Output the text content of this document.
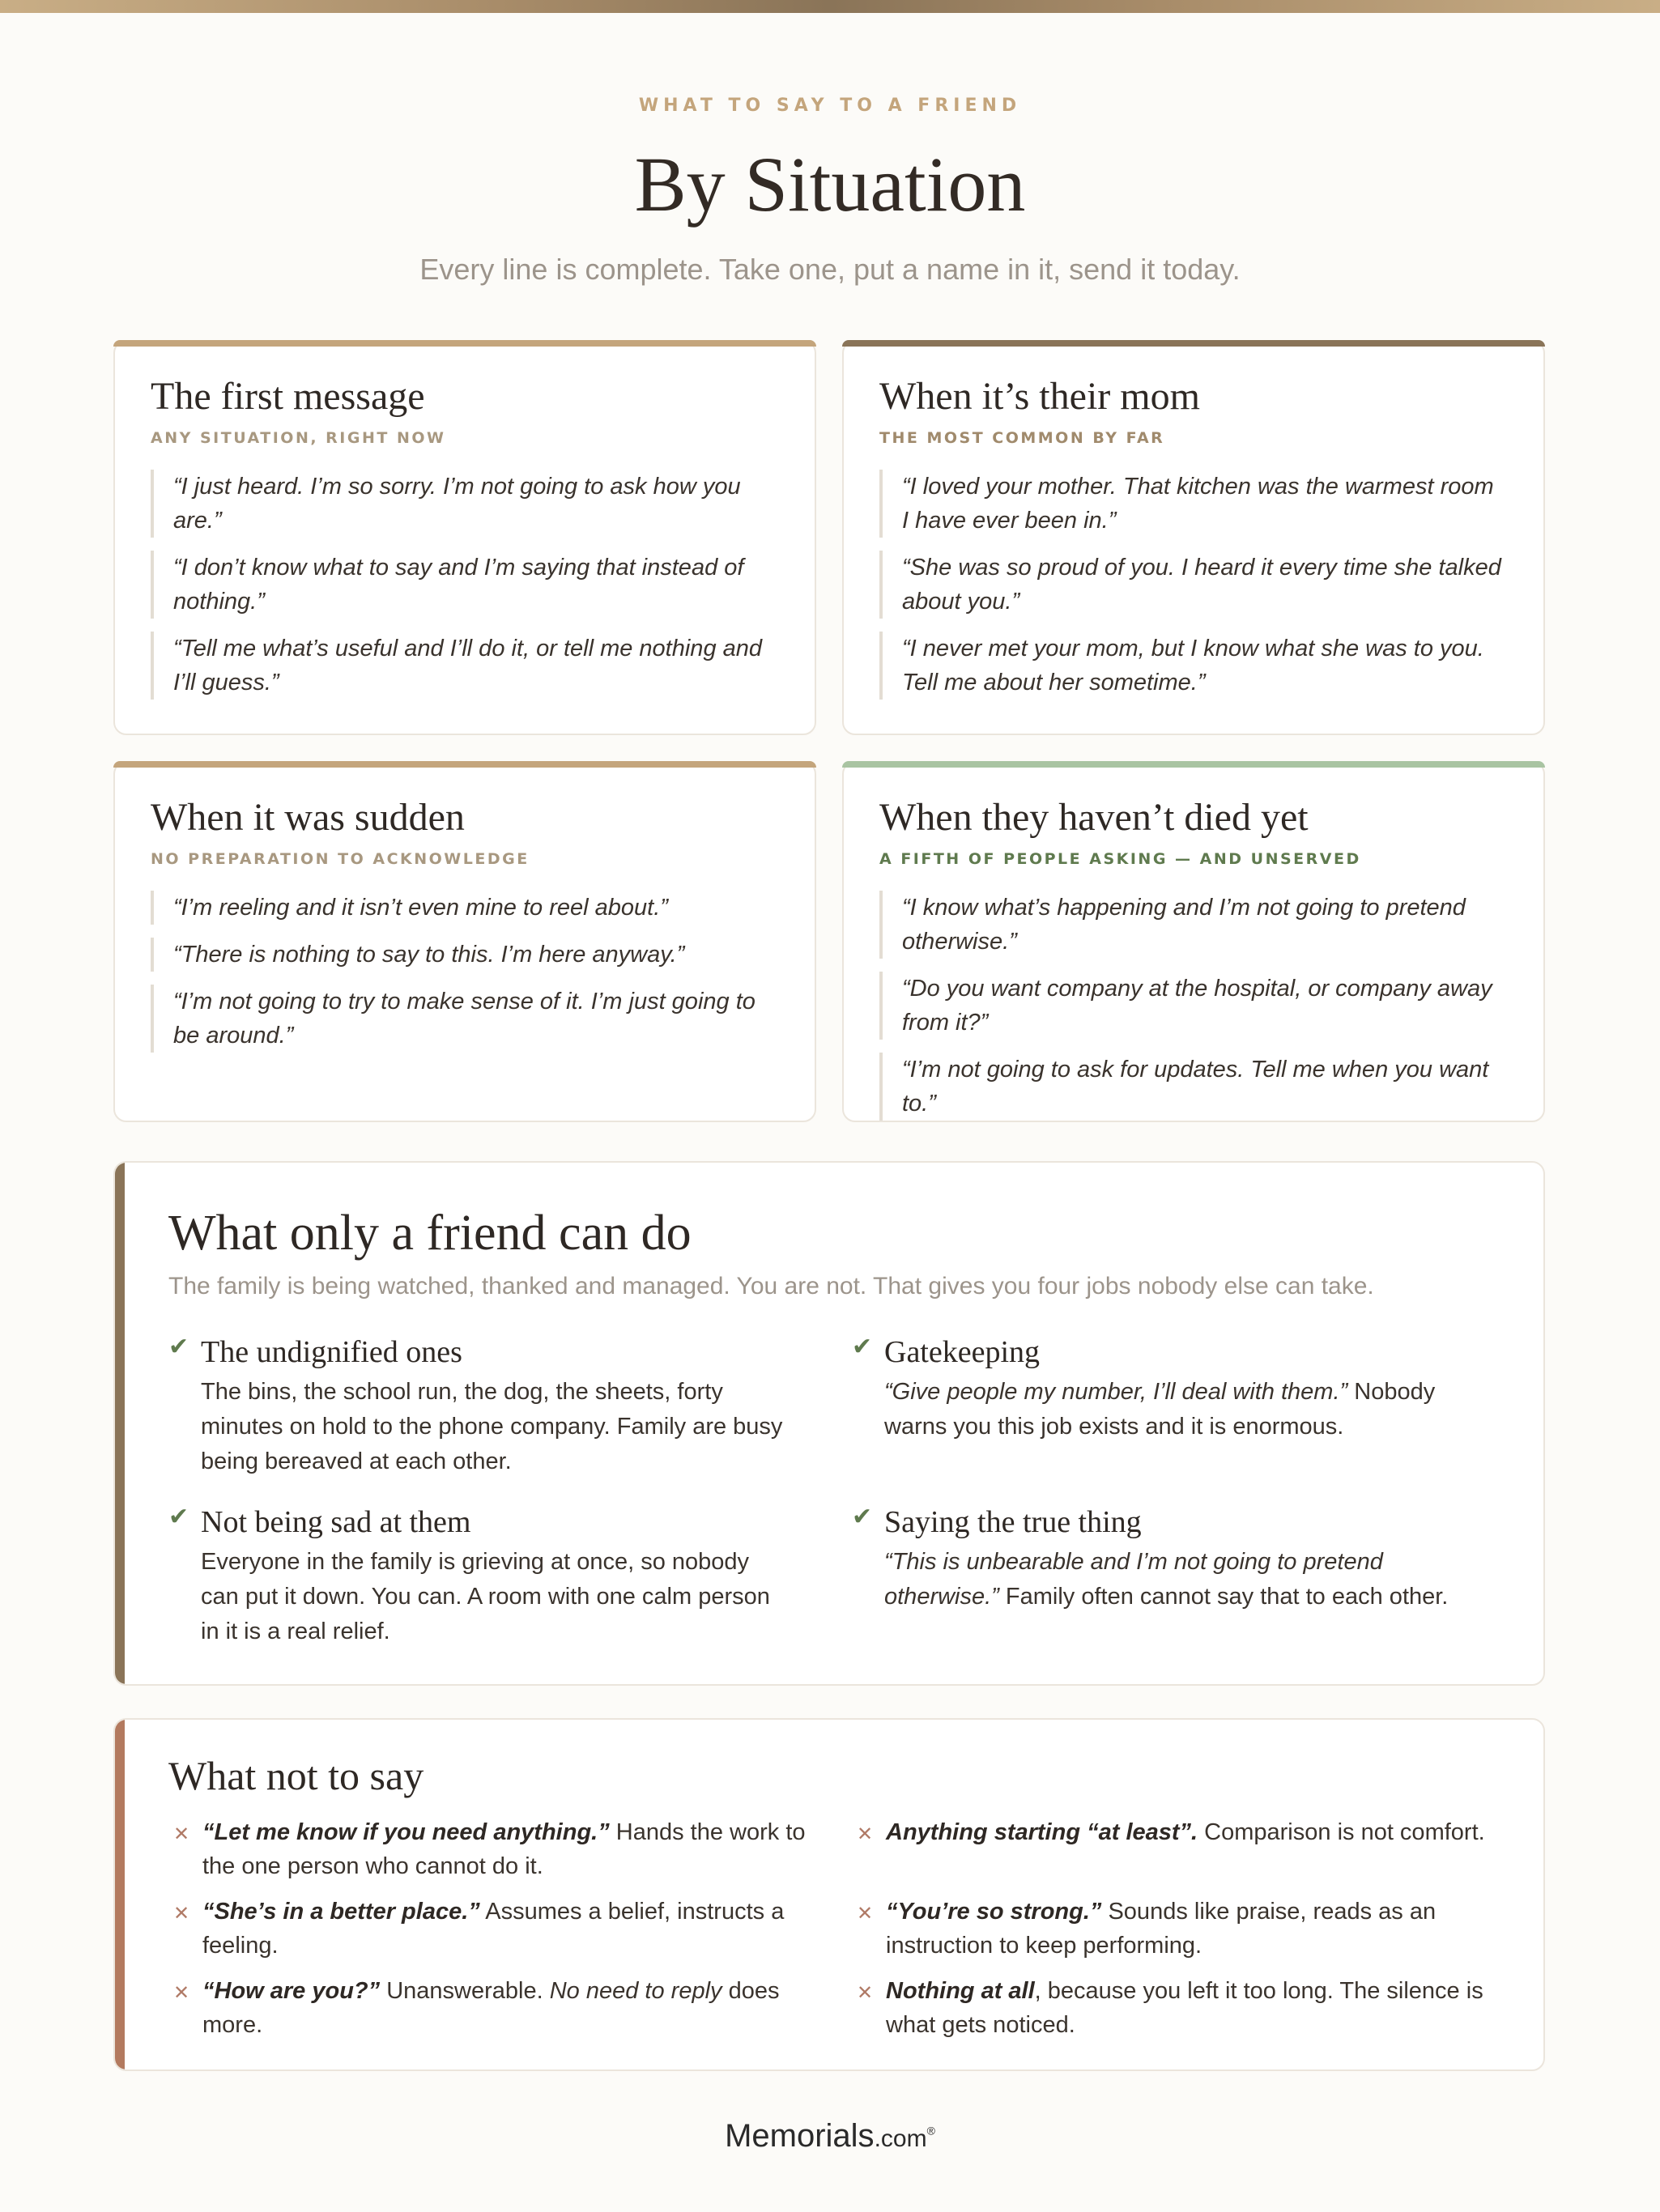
WHAT TO SAY TO A FRIEND
By Situation
Every line is complete. Take one, put a name in it, send it today.
The first message
ANY SITUATION, RIGHT NOW
“I just heard. I’m so sorry. I’m not going to ask how you are.”
“I don’t know what to say and I’m saying that instead of nothing.”
“Tell me what’s useful and I’ll do it, or tell me nothing and I’ll guess.”
When it’s their mom
THE MOST COMMON BY FAR
“I loved your mother. That kitchen was the warmest room I have ever been in.”
“She was so proud of you. I heard it every time she talked about you.”
“I never met your mom, but I know what she was to you. Tell me about her sometime.”
When it was sudden
NO PREPARATION TO ACKNOWLEDGE
“I’m reeling and it isn’t even mine to reel about.”
“There is nothing to say to this. I’m here anyway.”
“I’m not going to try to make sense of it. I’m just going to be around.”
When they haven’t died yet
A FIFTH OF PEOPLE ASKING — AND UNSERVED
“I know what’s happening and I’m not going to pretend otherwise.”
“Do you want company at the hospital, or company away from it?”
“I’m not going to ask for updates. Tell me when you want to.”
What only a friend can do
The family is being watched, thanked and managed. You are not. That gives you four jobs nobody else can take.
✔ The undignified ones

The bins, the school run, the dog, the sheets, forty minutes on hold to the phone company. Family are busy being bereaved at each other.

✔ Gatekeeping

“Give people my number, I’ll deal with them.” Nobody warns you this job exists and it is enormous.

✔ Not being sad at them

Everyone in the family is grieving at once, so nobody can put it down. You can. A room with one calm person in it is a real relief.

✔ Saying the true thing

“This is unbearable and I’m not going to pretend otherwise.” Family often cannot say that to each other.

What not to say
✕ “Let me know if you need anything.” Hands the work to the one person who cannot do it.
✕ Anything starting “at least”. Comparison is not comfort.
✕ “She’s in a better place.” Assumes a belief, instructs a feeling.
✕ “You’re so strong.” Sounds like praise, reads as an instruction to keep performing.
✕ “How are you?” Unanswerable. No need to reply does more.
✕ Nothing at all, because you left it too long. The silence is what gets noticed.
Memorials.com®
